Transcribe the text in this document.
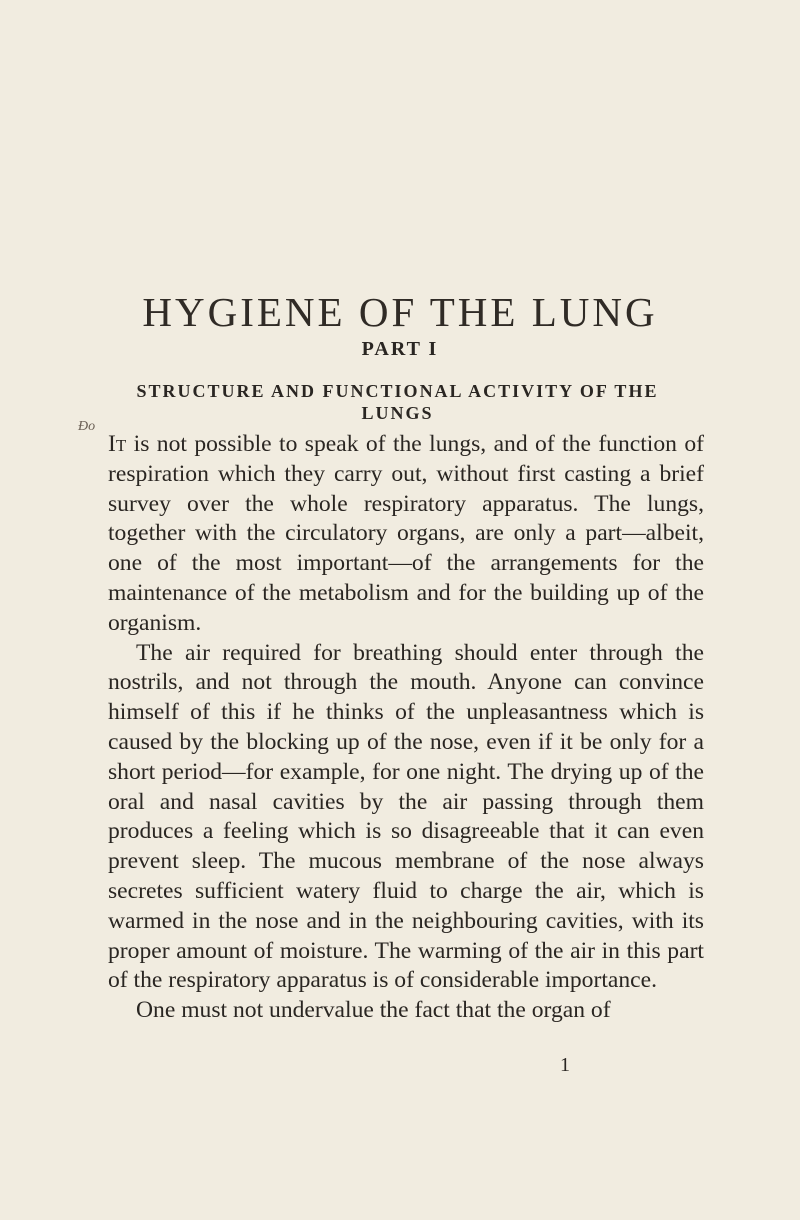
HYGIENE OF THE LUNG
PART I
STRUCTURE AND FUNCTIONAL ACTIVITY OF THE LUNGS
Ðo

It is not possible to speak of the lungs, and of the function of respiration which they carry out, without first casting a brief survey over the whole respiratory apparatus. The lungs, together with the circulatory organs, are only a part—albeit, one of the most important—of the arrangements for the maintenance of the metabolism and for the building up of the organism.

The air required for breathing should enter through the nostrils, and not through the mouth. Anyone can convince himself of this if he thinks of the unpleasantness which is caused by the blocking up of the nose, even if it be only for a short period—for example, for one night. The drying up of the oral and nasal cavities by the air passing through them produces a feeling which is so disagreeable that it can even prevent sleep. The mucous membrane of the nose always secretes sufficient watery fluid to charge the air, which is warmed in the nose and in the neighbouring cavities, with its proper amount of moisture. The warming of the air in this part of the respiratory apparatus is of considerable importance.

One must not undervalue the fact that the organ of

1
